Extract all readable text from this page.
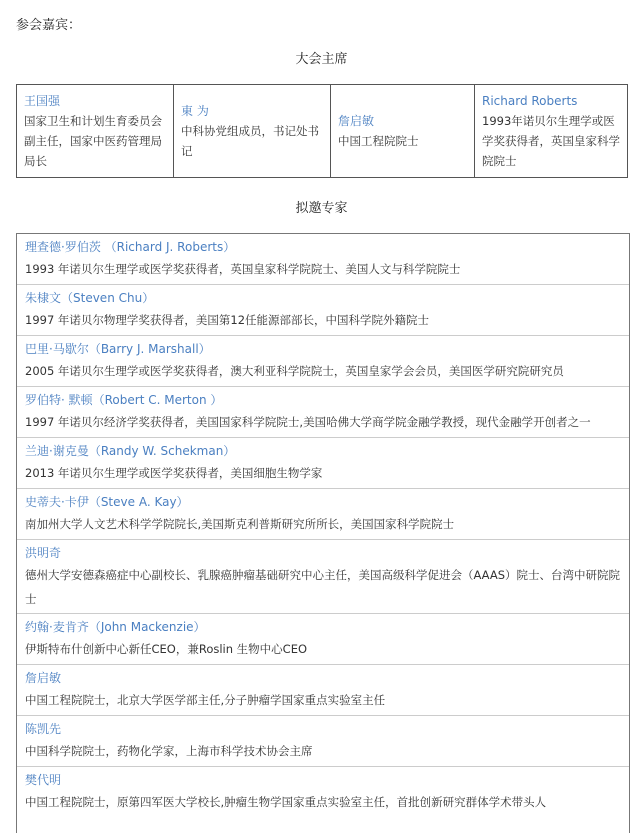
参会嘉宾：
大会主席
王国强
国家卫生和计划生育委员会副主任，国家中医药管理局局长
東 为
中科协党组成员，书记处书记
詹启敏
中国工程院院士
Richard Roberts
1993年诺贝尔生理学或医学奖获得者，英国皇家科学院院士
拟邀专家
理查德·罗伯茨 （Richard J. Roberts）
1993 年诺贝尔生理学或医学奖获得者，英国皇家科学院院士、美国人文与科学院院士
朱棣文（Steven Chu）
1997 年诺贝尔物理学奖获得者，美国第12任能源部部长，中国科学院外籍院士
巴里·马歇尔（Barry J. Marshall）
2005 年诺贝尔生理学或医学奖获得者，澳大利亚科学院院士，英国皇家学会会员，美国医学研究院研究员
罗伯特· 默顿（Robert C. Merton ）
1997 年诺贝尔经济学奖获得者，美国国家科学院院士,美国哈佛大学商学院金融学教授，现代金融学开创者之一
兰迪·谢克曼（Randy W. Schekman）
2013 年诺贝尔生理学或医学奖获得者，美国细胞生物学家
史蒂夫·卡伊（Steve A. Kay）
南加州大学人文艺术科学学院院长,美国斯克利普斯研究所所长，美国国家科学院院士
洪明奇
德州大学安德森癌症中心副校长、乳腺癌肿瘤基础研究中心主任，美国高级科学促进会（AAAS）院士、台湾中研院院士
约翰·麦肯齐（John Mackenzie）
伊斯特布什创新中心新任CEO，兼Roslin 生物中心CEO
詹启敏
中国工程院院士，北京大学医学部主任,分子肿瘤学国家重点实验室主任
陈凯先
中国科学院院士，药物化学家，上海市科学技术协会主席
樊代明
中国工程院院士，原第四军医大学校长,肿瘤生物学国家重点实验室主任，首批创新研究群体学术带头人
